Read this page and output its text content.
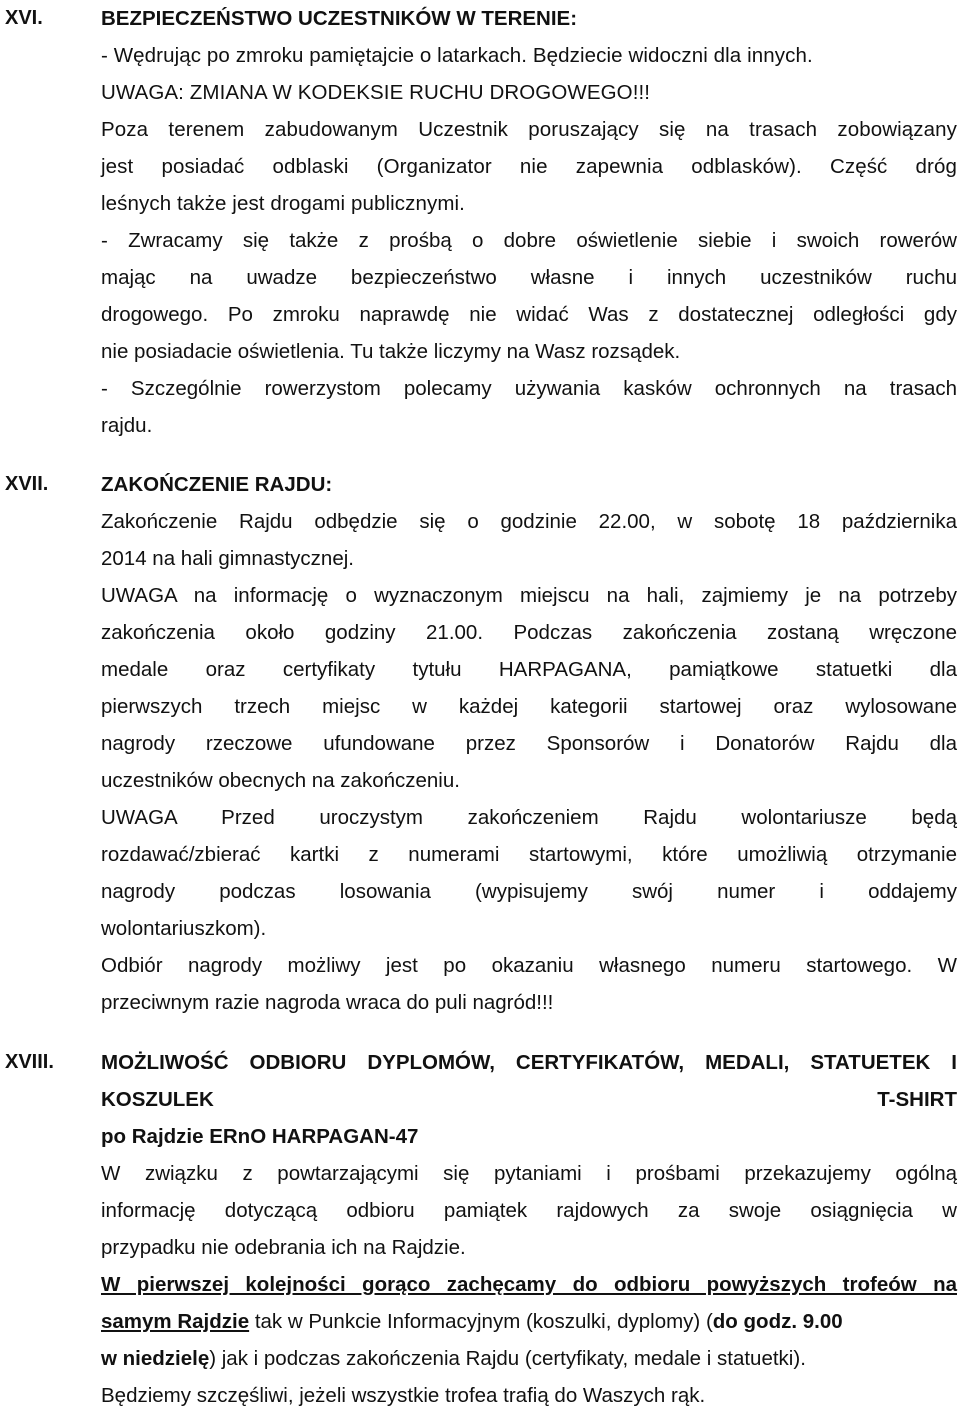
XVI.	BEZPIECZEŃSTWO UCZESTNIKÓW W TERENIE:
- Wędrując po zmroku pamiętajcie o latarkach. Będziecie widoczni dla innych.
UWAGA: ZMIANA W KODEKSIE RUCHU DROGOWEGO!!!
Poza terenem zabudowanym Uczestnik poruszający się na trasach zobowiązany
jest posiadać odblaski (Organizator nie zapewnia odblasków). Część dróg
leśnych także jest drogami publicznymi.
- Zwracamy się także z prośbą o dobre oświetlenie siebie i swoich rowerów
mając na uwadze bezpieczeństwo własne i innych uczestników ruchu
drogowego. Po zmroku naprawdę nie widać Was z dostatecznej odległości gdy
nie posiadacie oświetlenia. Tu także liczymy na Wasz rozsądek.
- Szczególnie rowerzystom polecamy używania kasków ochronnych na trasach
rajdu.
XVII.	ZAKOŃCZENIE RAJDU:
Zakończenie Rajdu odbędzie się o godzinie 22.00, w sobotę 18 października
2014 na hali gimnastycznej.
UWAGA na informację o wyznaczonym miejscu na hali, zajmiemy je na potrzeby
zakończenia około godziny 21.00. Podczas zakończenia zostaną wręczone
medale oraz certyfikaty tytułu HARPAGANA, pamiątkowe statuetki dla
pierwszych trzech miejsc w każdej kategorii startowej oraz wylosowane
nagrody rzeczowe ufundowane przez Sponsorów i Donatorów Rajdu dla
uczestników obecnych na zakończeniu.
UWAGA Przed uroczystym zakończeniem Rajdu wolontariusze będą
rozdawać/zbierać kartki z numerami startowymi, które umożliwią otrzymanie
nagrody podczas losowania (wypisujemy swój numer i oddajemy
wolontariuszkom).
Odbiór nagrody możliwy jest po okazaniu własnego numeru startowego. W
przeciwnym razie nagroda wraca do puli nagród!!!
XVIII. MOŻLIWOŚĆ ODBIORU DYPLOMÓW, CERTYFIKATÓW, MEDALI, STATUETEK I
KOSZULEK	T-SHIRT
po Rajdzie ERnO HARPAGAN-47
W związku z powtarzającymi się pytaniami i prośbami przekazujemy ogólną
informację dotyczącą odbioru pamiątek rajdowych za swoje osiągnięcia w
przypadku nie odebrania ich na Rajdzie.
W pierwszej kolejności gorąco zachęcamy do odbioru powyższych trofeów na
samym Rajdzie tak w Punkcie Informacyjnym (koszulki, dyplomy) (do godz. 9.00
w niedzielę) jak i podczas zakończenia Rajdu (certyfikaty, medale i statuetki).
Będziemy szczęśliwi, jeżeli wszystkie trofea trafią do Waszych rąk.
